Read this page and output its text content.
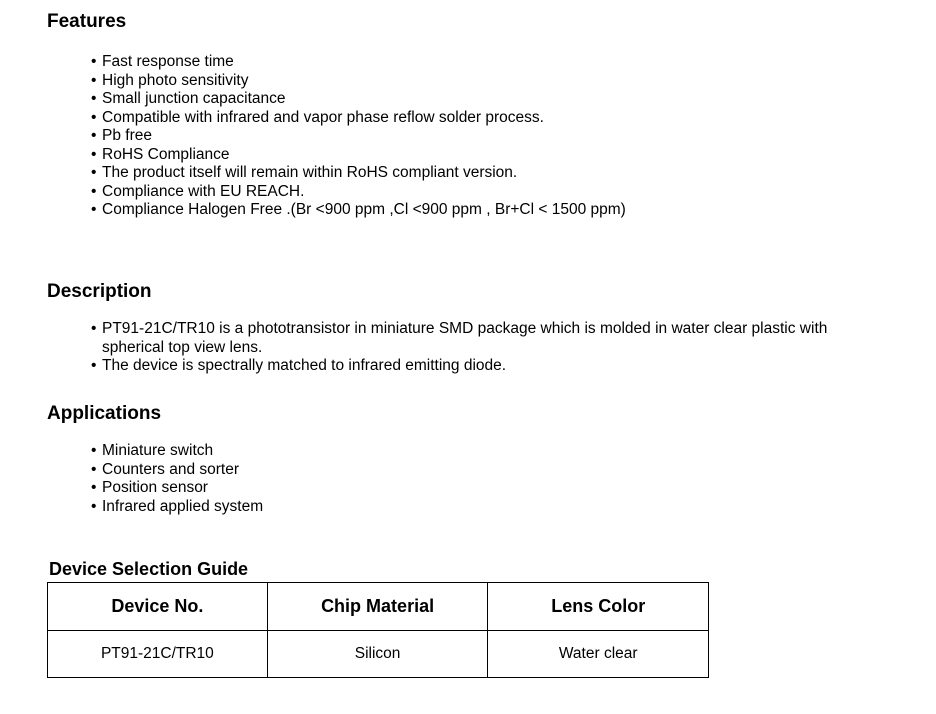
Features
• Fast response time
• High photo sensitivity
• Small junction capacitance
• Compatible with infrared and vapor phase reflow solder process.
• Pb free
• RoHS Compliance
• The product itself will remain within RoHS compliant version.
• Compliance with EU REACH.
• Compliance Halogen Free .(Br <900 ppm ,Cl <900 ppm , Br+Cl < 1500 ppm)
Description
• PT91-21C/TR10 is a phototransistor in miniature SMD package which is molded in water clear plastic with spherical top view lens.
• The device is spectrally matched to infrared emitting diode.
Applications
• Miniature switch
• Counters and sorter
• Position sensor
• Infrared applied system
Device Selection Guide
Device No.	Chip Material	Lens Color
PT91-21C/TR10	Silicon	Water clear
